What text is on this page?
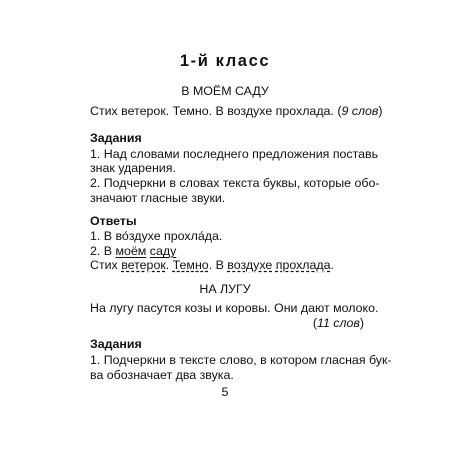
1-й класс
В МОЁМ САДУ
Стих ветерок. Темно. В воздухе прохлада. (9 слов)
Задания
1. Над словами последнего предложения поставь
знак ударения.
2. Подчеркни в словах текста буквы, которые обо-
значают гласные звуки.
Ответы
1. В во́здухе прохла́да.
2. В моём саду
Стих ветерок. Темно. В воздухе прохлада.
НА ЛУГУ
На лугу пасутся козы и коровы. Они дают молоко.
(11 слов)
Задания
1. Подчеркни в тексте слово, в котором гласная бук-
ва обозначает два звука.
5
